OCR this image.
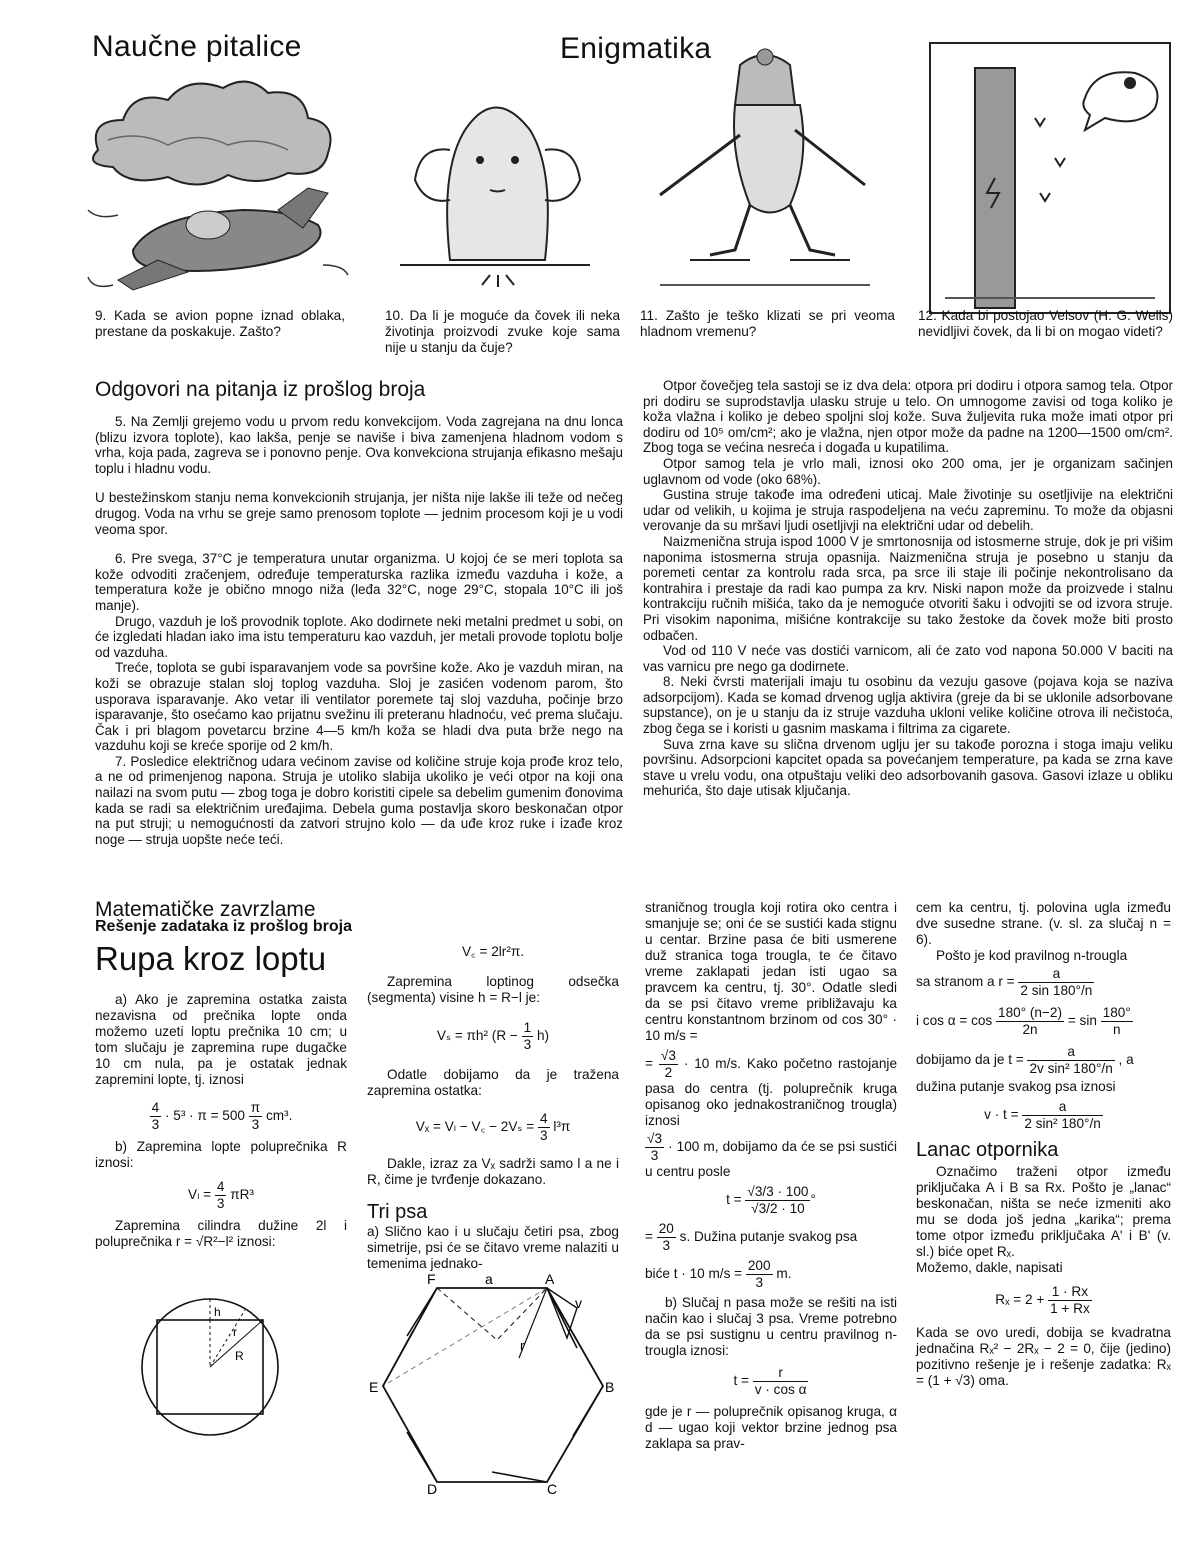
Naučne pitalice	Enigmatika
9. Kada se avion popne iznad oblaka, prestane da poskakuje. Zašto?
10. Da li je moguće da čovek ili neka životinja proizvodi zvuke koje sama nije u stanju da čuje?
11. Zašto je teško klizati se pri veoma hladnom vremenu?
12. Kada bi postojao Velsov (H. G. Wells) nevidljivi čovek, da li bi on mogao videti?
Odgovori na pitanja iz prošlog broja

5. Na Zemlji grejemo vodu u prvom redu konvekcijom. Voda zagrejana na dnu lonca (blizu izvora toplote), kao lakša, penje se naviše i biva zamenjena hladnom vodom s vrha, koja pada, zagreva se i ponovno penje. Ova konvekciona strujanja efikasno mešaju toplu i hladnu vodu.

U bestežinskom stanju nema konvekcionih strujanja, jer ništa nije lakše ili teže od nečeg drugog. Voda na vrhu se greje samo prenosom toplote — jednim procesom koji je u vodi veoma spor.

6. Pre svega, 37°C je temperatura unutar organizma. U kojoj će se meri toplota sa kože odvoditi zračenjem, određuje temperaturska razlika između vazduha i kože, a temperatura kože je obično mnogo niža (leđa 32°C, noge 29°C, stopala 10°C ili još manje).

Drugo, vazduh je loš provodnik toplote. Ako dodirnete neki metalni predmet u sobi, on će izgledati hladan iako ima istu temperaturu kao vazduh, jer metali provode toplotu bolje od vazduha.

Treće, toplota se gubi isparavanjem vode sa površine kože. Ako je vazduh miran, na koži se obrazuje stalan sloj toplog vazduha. Sloj je zasićen vodenom parom, što usporava isparavanje. Ako vetar ili ventilator poremete taj sloj vazduha, počinje brzo isparavanje, što osećamo kao prijatnu svežinu ili preteranu hladnoću, već prema slučaju. Čak i pri blagom povetarcu brzine 4—5 km/h koža se hladi dva puta brže nego na vazduhu koji se kreće sporije od 2 km/h.

7. Posledice električnog udara većinom zavise od količine struje koja prođe kroz telo, a ne od primenjenog napona. Struja je utoliko slabija ukoliko je veći otpor na koji ona nailazi na svom putu — zbog toga je dobro koristiti cipele sa debelim gumenim đonovima kada se radi sa električnim uređajima. Debela guma postavlja skoro beskonačan otpor na put struji; u nemogućnosti da zatvori strujno kolo — da uđe kroz ruke i izađe kroz noge — struja uopšte neće teći.

Otpor čovečjeg tela sastoji se iz dva dela: otpora pri dodiru i otpora samog tela. Otpor pri dodiru se suprodstavlja ulasku struje u telo. On umnogome zavisi od toga koliko je koža vlažna i koliko je debeo spoljni sloj kože. Suva žuljevita ruka može imati otpor pri dodiru od 10⁵ om/cm²; ako je vlažna, njen otpor može da padne na 1200—1500 om/cm². Zbog toga se većina nesreća i događa u kupatilima.

Otpor samog tela je vrlo mali, iznosi oko 200 oma, jer je organizam sačinjen uglavnom od vode (oko 68%).

Gustina struje takođe ima određeni uticaj. Male životinje su osetljivije na električni udar od velikih, u kojima je struja raspodeljena na veću zapreminu. To može da objasni verovanje da su mršavi ljudi osetljivji na električni udar od debelih.

Naizmenična struja ispod 1000 V je smrtonosnija od istosmerne struje, dok je pri višim naponima istosmerna struja opasnija. Naizmenična struja je posebno u stanju da poremeti centar za kontrolu rada srca, pa srce ili staje ili počinje nekontrolisano da kontrahira i prestaje da radi kao pumpa za krv. Niski napon može da proizvede i stalnu kontrakciju ručnih mišića, tako da je nemoguće otvoriti šaku i odvojiti se od izvora struje. Pri visokim naponima, mišićne kontrakcije su tako žestoke da čovek može biti prosto odbačen.

Vod od 110 V neće vas dostići varnicom, ali će zato vod napona 50.000 V baciti na vas varnicu pre nego ga dodirnete.

8. Neki čvrsti materijali imaju tu osobinu da vezuju gasove (pojava koja se naziva adsorpcijom). Kada se komad drvenog uglja aktivira (greje da bi se uklonile adsorbovane supstance), on je u stanju da iz struje vazduha ukloni velike količine otrova ili nečistoća, zbog čega se i koristi u gasnim maskama i filtrima za cigarete.

Suva zrna kave su slična drvenom uglju jer su takođe porozna i stoga imaju veliku površinu. Adsorpcioni kapcitet opada sa povećanjem temperature, pa kada se zrna kave stave u vrelu vodu, ona otpuštaju veliki deo adsorbovanih gasova. Gasovi izlaze u obliku mehurića, što daje utisak ključanja.

Matematičke zavrzlame
Rešenje zadataka iz prošlog broja
Rupa kroz loptu

a) Ako je zapremina ostatka zaista nezavisna od prečnika lopte onda možemo uzeti loptu prečnika 10 cm; u tom slučaju je zapremina rupe dugačke 10 cm nula, pa je ostatak jednak zapremini lopte, tj. iznosi

$\frac{4}{3} \cdot 5^3 \cdot \pi = 500 \frac{\pi}{3} cm^3$.

b) Zapremina lopte poluprečnika R iznosi:

$V_l = \frac{4}{3} \pi R^3$

Zapremina cilindra dužine 2l i poluprečnika r = √R²−l² iznosi:

h
r
R
V꜀ = 2lr²π.

Zapremina loptinog odsečka (segmenta) visine h = R−l je:

Vₛ = πh² $(R - \frac{1}{3} h)$

Odatle dobijamo da je tražena zapremina ostatka:

Vₓ = Vₗ − V꜀ − $2V_s = \frac{4}{3} l^3\pi$

Dakle, izraz za Vₓ sadrži samo l a ne i R, čime je tvrđenje dokazano.

Tri psa

a) Slično kao i u slučaju četiri psa, zbog simetrije, psi će se čitavo vreme nalaziti u temenima jednako-

F	A
B
C
D
E
a
v
r

straničnog trougla koji rotira oko centra i smanjuje se; oni će se sustići kada stignu u centar. Brzine pasa će biti usmerene duž stranica toga trougla, te će čitavo vreme zaklapati jedan isti ugao sa pravcem ka centru, tj. 30°. Odatle sledi da se psi čitavo vreme približavaju ka centru konstantnom brzinom od cos 30° · 10 m/s =

= $\frac{√3}{2} \cdot 10$ m/s. Kako početno rastojanje pasa do centra (tj. poluprečnik kruga opisanog oko jednakostraničnog trougla) iznosi
$\frac{√3}{3} \cdot 100$ m, dobijamo da će se psi sustići u centru posle
$t = \frac{√3/3 \cdot 100}{√3/2 \cdot 10}$ °
= $\frac{20}{3} s$. Dužina putanje svakog psa
biće t · 10 $m/s = \frac{200}{3} m$.

b) Slučaj n pasa može se rešiti na isti način kao i slučaj 3 psa. Vreme potrebno da se psi sustignu u centru pravilnog n-trougla iznosi:

$t = \frac{r}{\text{v · cos α}}$

gde je r — poluprečnik opisanog kruga, α d — ugao koji vektor brzine jednog psa zaklapa sa prav-

cem ka centru, tj. polovina ugla između dve susedne strane. (v. sl. za slučaj n = 6).

Pošto je kod pravilnog n-trougla

sa stranom a $r = \frac{a}{2 \sin 180^\circ/n}$
i $\cos \alpha = \cos \frac{180^\circ (n-2)}{2n} = \sin \frac{180^\circ}{n}$
dobijamo da je $t = \frac{a}{\text{2v sin² 180°/n}}$ , a

dužina putanje svakog psa iznosi

$v \cdot t = \frac{a}{\text{2 sin² 180°/n}}$
Lanac otpornika

Označimo traženi otpor između priključaka A i B sa Rx. Pošto je „lanac“ beskonačan, ništa se neće izmeniti ako mu se doda još jedna „karika“; prema tome otpor između priključaka A' i B' (v. sl.) biće opet Rₓ.

Možemo, dakle, napisati

$R_x = 2 + \frac{1 \cdot Rx}{1 + Rx}$

Kada se ovo uredi, dobija se kvadratna jednačina Rₓ² − 2Rₓ − 2 = 0, čije (jedino) pozitivno rešenje je i rešenje zadatka: Rₓ = (1 + √3) oma.
